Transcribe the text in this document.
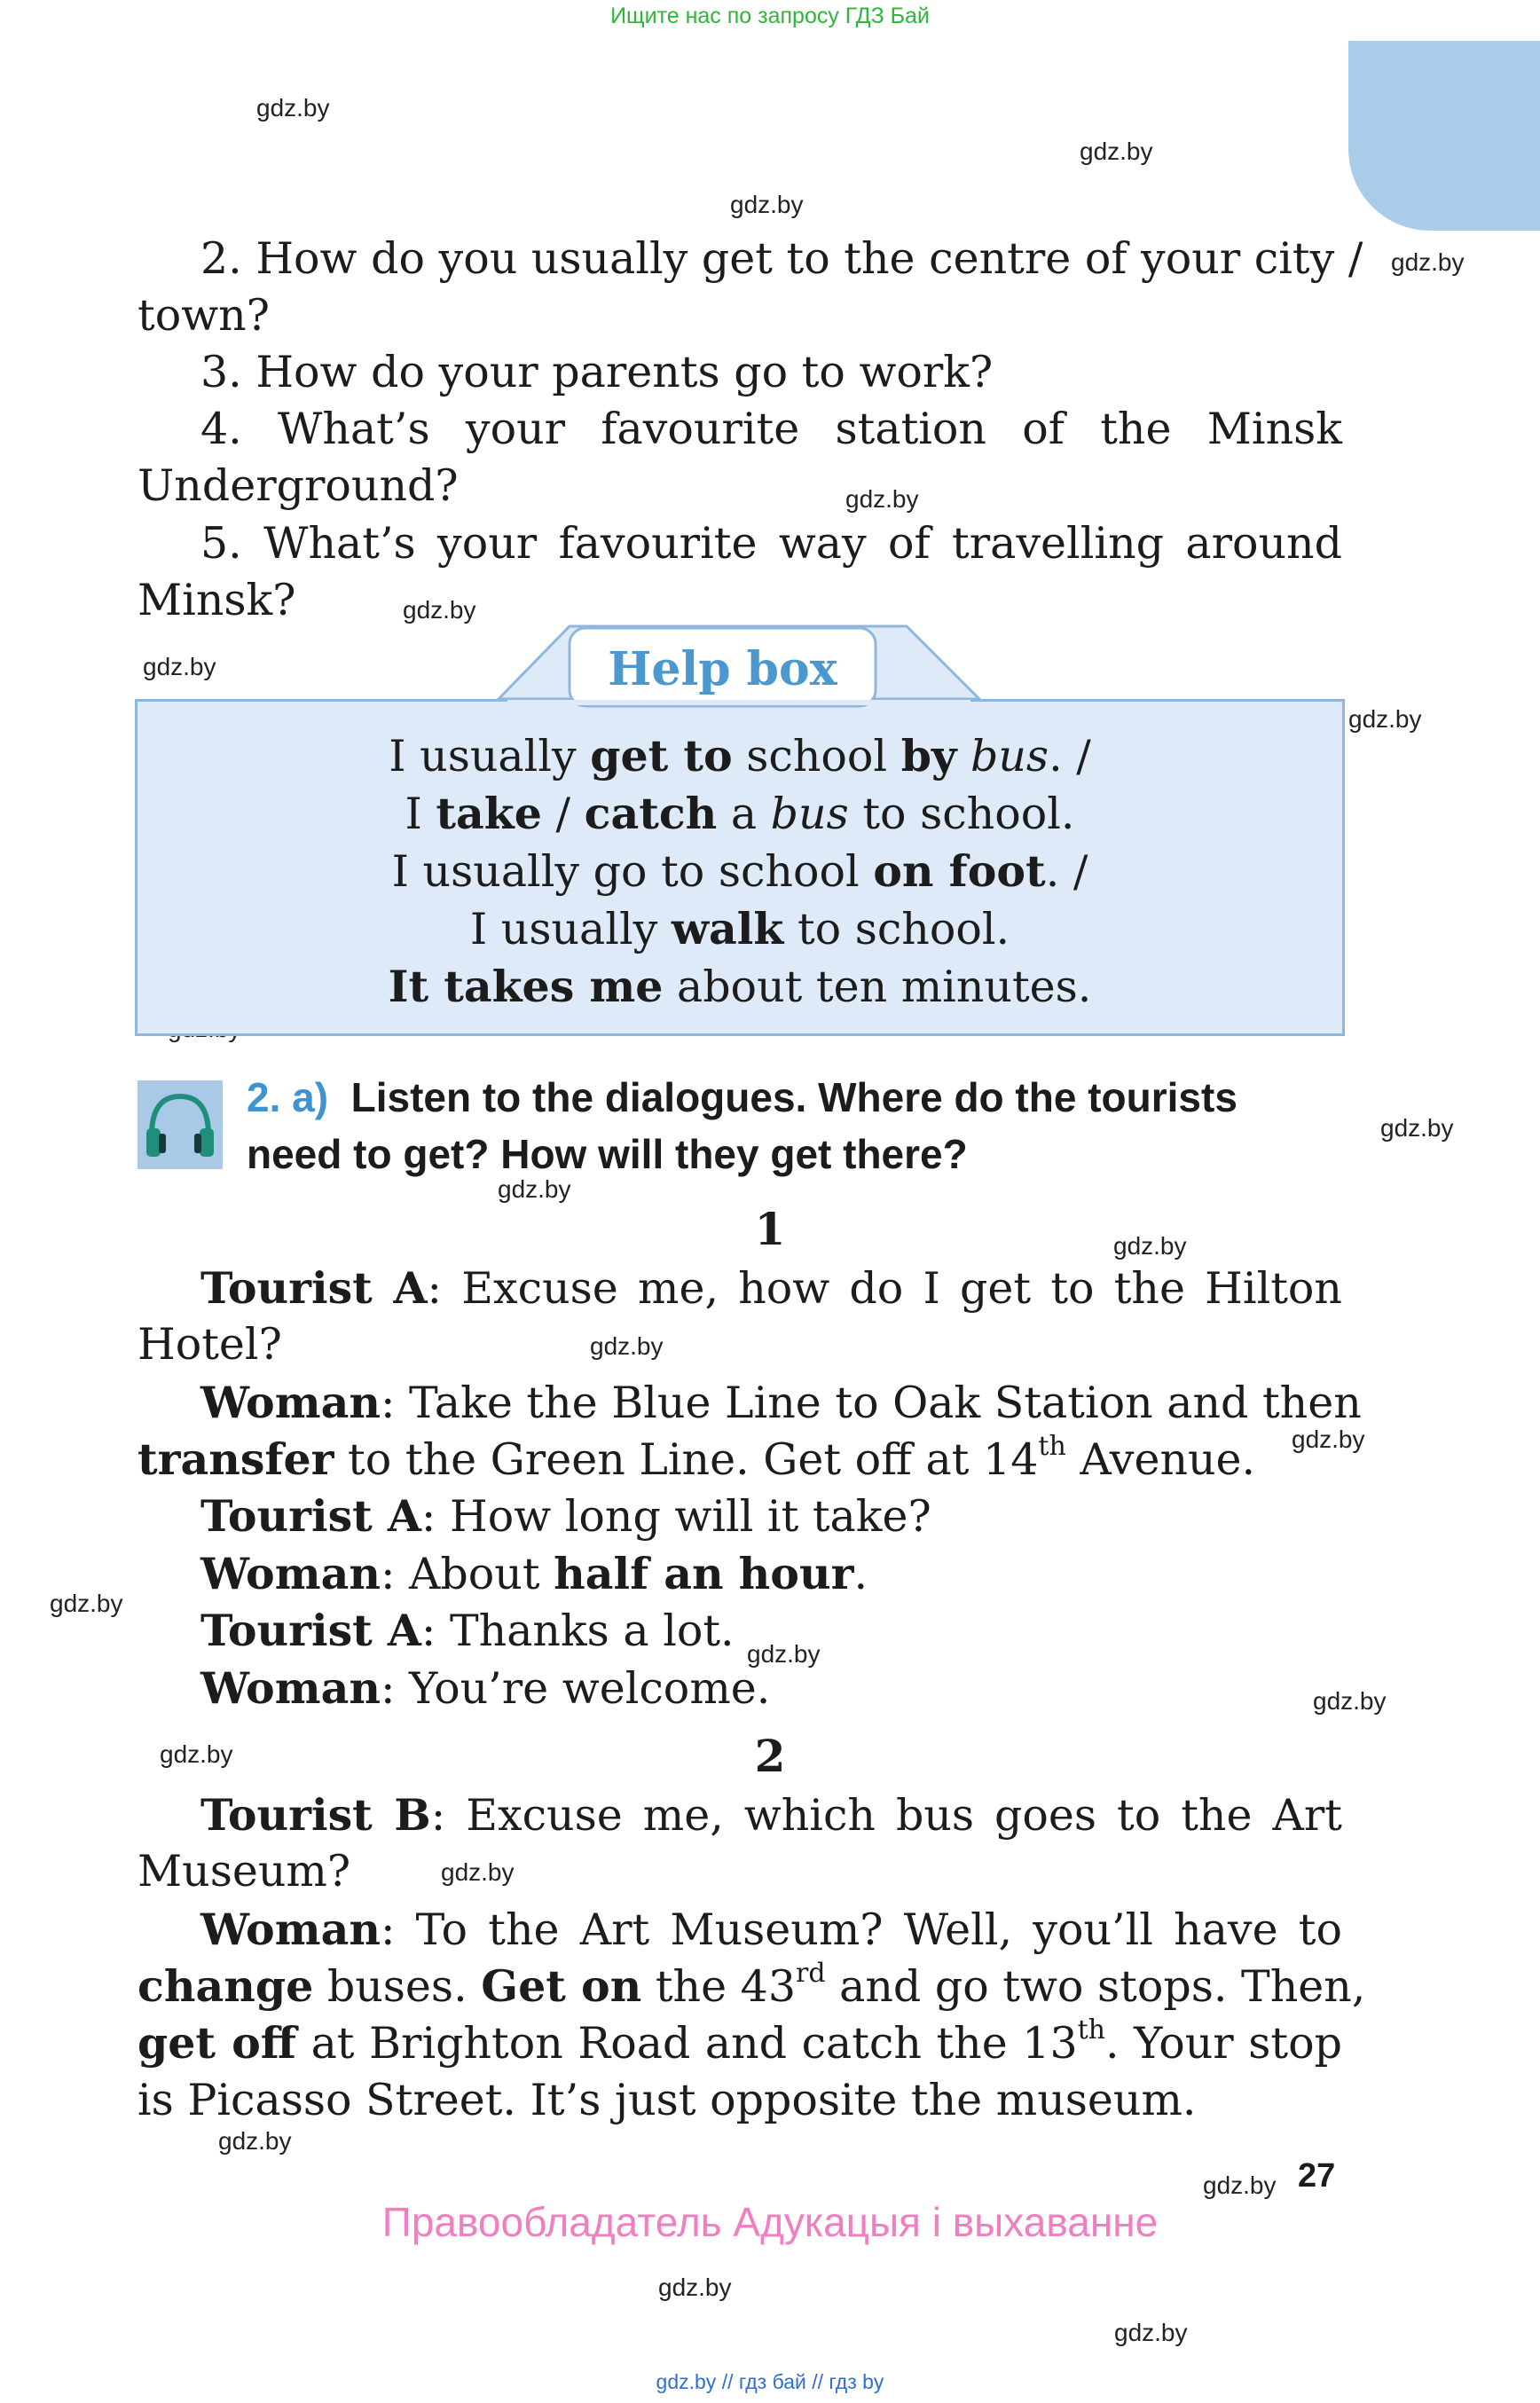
Ищите нас по запросу ГДЗ Бай
gdz.by
gdz.by
gdz.by
gdz.by
gdz.by
gdz.by
gdz.by
gdz.by
gdz.by
gdz.by
gdz.by
gdz.by
gdz.by
gdz.by
gdz.by
gdz.by
gdz.by
gdz.by
gdz.by
gdz.by
gdz.by
gdz.by
2. How do you usually get to the centre of your city /
town?
3. How do your parents go to work?
4. What’s your favourite station of the Minsk
Underground?
5. What’s your favourite way of travelling around
Minsk?
I usually get to school by bus. /
I take / catch a bus to school.
I usually go to school on foot. /
I usually walk to school.
It takes me about ten minutes.
Help box
2. a) Listen to the dialogues. Where do the tourists
need to get? How will they get there?
1
Tourist A: Excuse me, how do I get to the Hilton
Hotel?
Woman: Take the Blue Line to Oak Station and then
transfer to the Green Line. Get off at 14th Avenue.
Tourist A: How long will it take?
Woman: About half an hour.
Tourist A: Thanks a lot.
Woman: You’re welcome.
2
Tourist B: Excuse me, which bus goes to the Art
Museum?
Woman: To the Art Museum? Well, you’ll have to
change buses. Get on the 43rd and go two stops. Then,
get off at Brighton Road and catch the 13th. Your stop
is Picasso Street. It’s just opposite the museum.
27
Правообладатель Адукацыя і выхаванне
gdz.by // гдз бай // гдз by
